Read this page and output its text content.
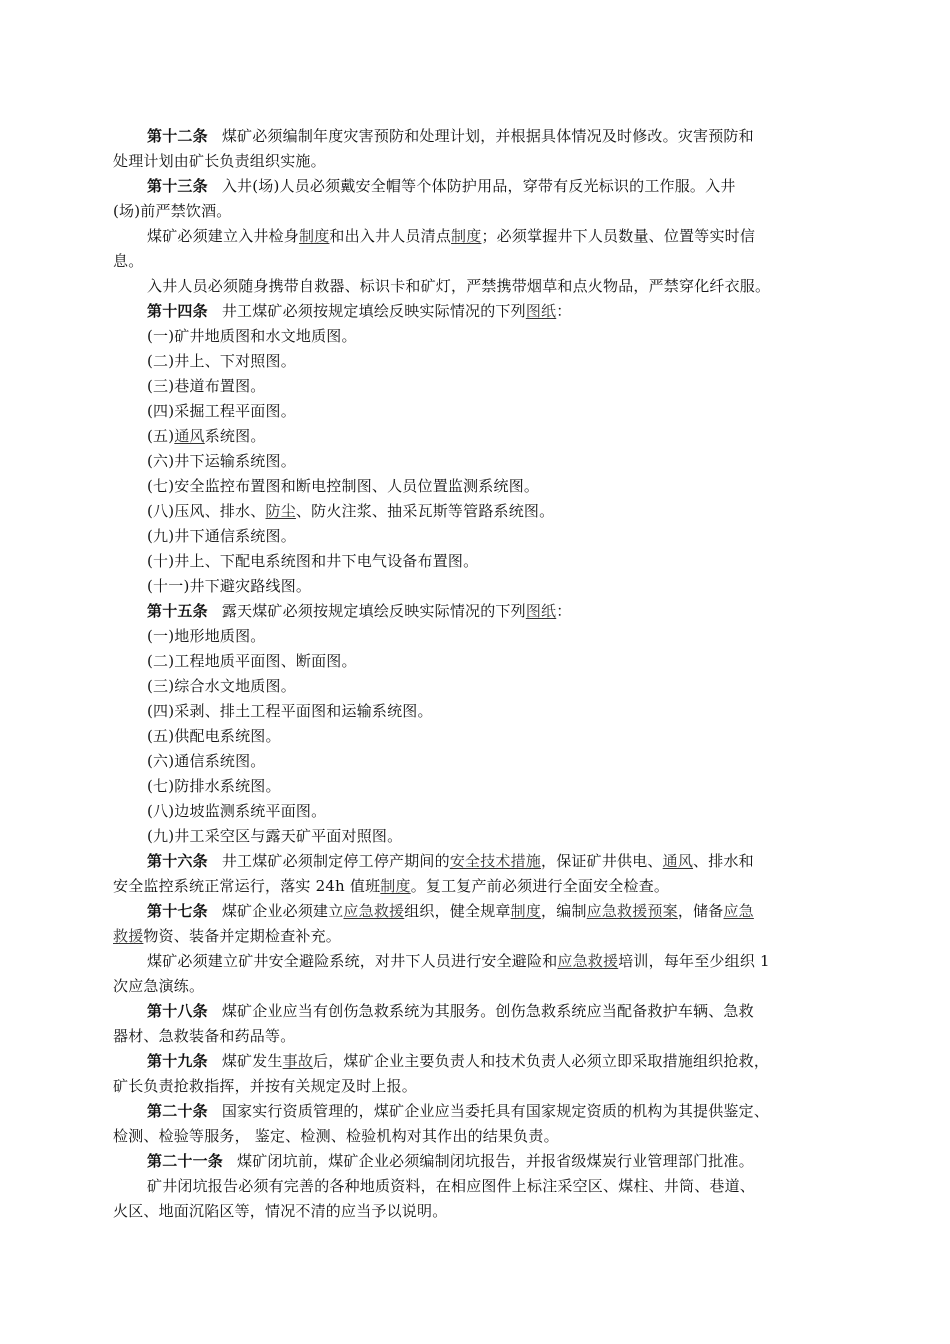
第十二条 煤矿必须编制年度灾害预防和处理计划，并根据具体情况及时修改。灾害预防和
处理计划由矿长负责组织实施。
第十三条 入井(场)人员必须戴安全帽等个体防护用品，穿带有反光标识的工作服。入井
(场)前严禁饮酒。
煤矿必须建立入井检身制度和出入井人员清点制度；必须掌握井下人员数量、位置等实时信
息。
入井人员必须随身携带自救器、标识卡和矿灯，严禁携带烟草和点火物品，严禁穿化纤衣服。
第十四条 井工煤矿必须按规定填绘反映实际情况的下列图纸：
(一)矿井地质图和水文地质图。
(二)井上、下对照图。
(三)巷道布置图。
(四)采掘工程平面图。
(五)通风系统图。
(六)井下运输系统图。
(七)安全监控布置图和断电控制图、人员位置监测系统图。
(八)压风、排水、防尘、防火注浆、抽采瓦斯等管路系统图。
(九)井下通信系统图。
(十)井上、下配电系统图和井下电气设备布置图。
(十一)井下避灾路线图。
第十五条 露天煤矿必须按规定填绘反映实际情况的下列图纸：
(一)地形地质图。
(二)工程地质平面图、断面图。
(三)综合水文地质图。
(四)采剥、排土工程平面图和运输系统图。
(五)供配电系统图。
(六)通信系统图。
(七)防排水系统图。
(八)边坡监测系统平面图。
(九)井工采空区与露天矿平面对照图。
第十六条 井工煤矿必须制定停工停产期间的安全技术措施，保证矿井供电、通风、排水和
安全监控系统正常运行，落实 24h 值班制度。复工复产前必须进行全面安全检查。
第十七条 煤矿企业必须建立应急救援组织，健全规章制度，编制应急救援预案，储备应急
救援物资、装备并定期检查补充。
煤矿必须建立矿井安全避险系统，对井下人员进行安全避险和应急救援培训，每年至少组织 1
次应急演练。
第十八条 煤矿企业应当有创伤急救系统为其服务。创伤急救系统应当配备救护车辆、急救
器材、急救装备和药品等。
第十九条 煤矿发生事故后，煤矿企业主要负责人和技术负责人必须立即采取措施组织抢救，
矿长负责抢救指挥，并按有关规定及时上报。
第二十条 国家实行资质管理的，煤矿企业应当委托具有国家规定资质的机构为其提供鉴定、
检测、检验等服务， 鉴定、检测、检验机构对其作出的结果负责。
第二十一条 煤矿闭坑前，煤矿企业必须编制闭坑报告，并报省级煤炭行业管理部门批准。
矿井闭坑报告必须有完善的各种地质资料，在相应图件上标注采空区、煤柱、井筒、巷道、
火区、地面沉陷区等，情况不清的应当予以说明。
